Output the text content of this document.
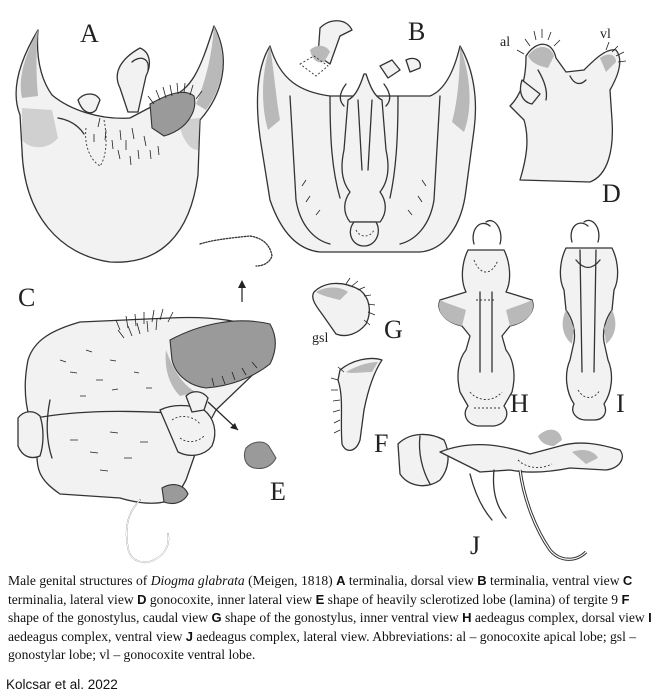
A	B	al
vl
D
C
E
gsl G
F
H	I
J
Male genital structures of Diogma glabrata (Meigen, 1818) A terminalia, dorsal view B terminalia, ventral view C terminalia, lateral view D gonocoxite, inner lateral view E shape of heavily sclerotized lobe (lamina) of tergite 9 F shape of the gonostylus, caudal view G shape of the gonostylus, inner ventral view H aedeagus complex, dorsal view I aedeagus complex, ventral view J aedeagus complex, lateral view. Abbreviations: al – gonocoxite apical lobe; gsl – gonostylar lobe; vl – gonocoxite ventral lobe.
Kolcsar et al. 2022
